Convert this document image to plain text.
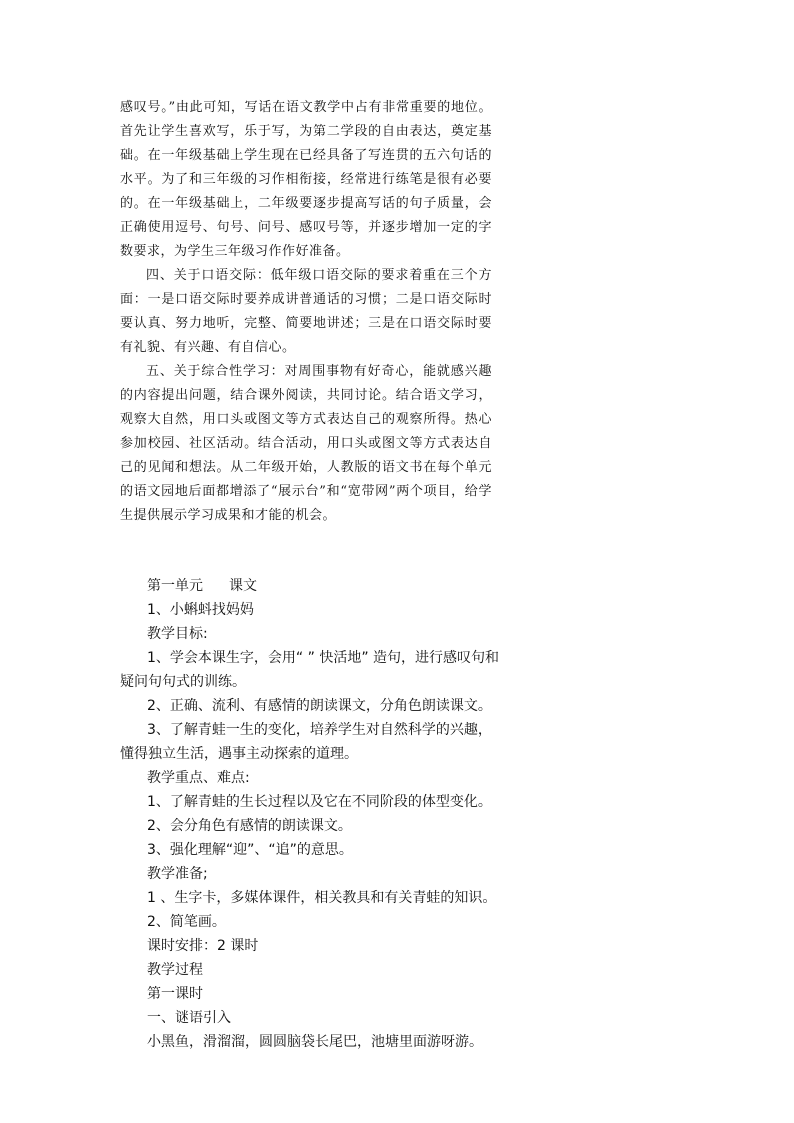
感叹号。”由此可知，写话在语文教学中占有非常重要的地位。首先让学生喜欢写，乐于写，为第二学段的自由表达，奠定基础。在一年级基础上学生现在已经具备了写连贯的五六句话的水平。为了和三年级的习作相衔接，经常进行练笔是很有必要的。在一年级基础上，二年级要逐步提高写话的句子质量，会正确使用逗号、句号、问号、感叹号等，并逐步增加一定的字数要求，为学生三年级习作作好准备。

四、关于口语交际：低年级口语交际的要求着重在三个方面：一是口语交际时要养成讲普通话的习惯；二是口语交际时要认真、努力地听，完整、简要地讲述；三是在口语交际时要有礼貌、有兴趣、有自信心。

五、关于综合性学习：对周围事物有好奇心，能就感兴趣的内容提出问题，结合课外阅读，共同讨论。结合语文学习，观察大自然，用口头或图文等方式表达自己的观察所得。热心参加校园、社区活动。结合活动，用口头或图文等方式表达自己的见闻和想法。从二年级开始，人教版的语文书在每个单元的语文园地后面都增添了“展示台”和“宽带网”两个项目，给学生提供展示学习成果和才能的机会。

第一单元 课文

1、小蝌蚪找妈妈

教学目标:

1、学会本课生字，会用“ ” 快活地” 造句，进行感叹句和疑问句句式的训练。

2、正确、流利、有感情的朗读课文，分角色朗读课文。

3、了解青蛙一生的变化，培养学生对自然科学的兴趣，懂得独立生活，遇事主动探索的道理。

教学重点、难点:

1、了解青蛙的生长过程以及它在不同阶段的体型变化。

2、会分角色有感情的朗读课文。

3、强化理解“迎”、“追”的意思。

教学准备;

1 、生字卡，多媒体课件，相关教具和有关青蛙的知识。

2、简笔画。

课时安排：2 课时

教学过程

第一课时

一、谜语引入

小黑鱼，滑溜溜，圆圆脑袋长尾巴，池塘里面游呀游。
